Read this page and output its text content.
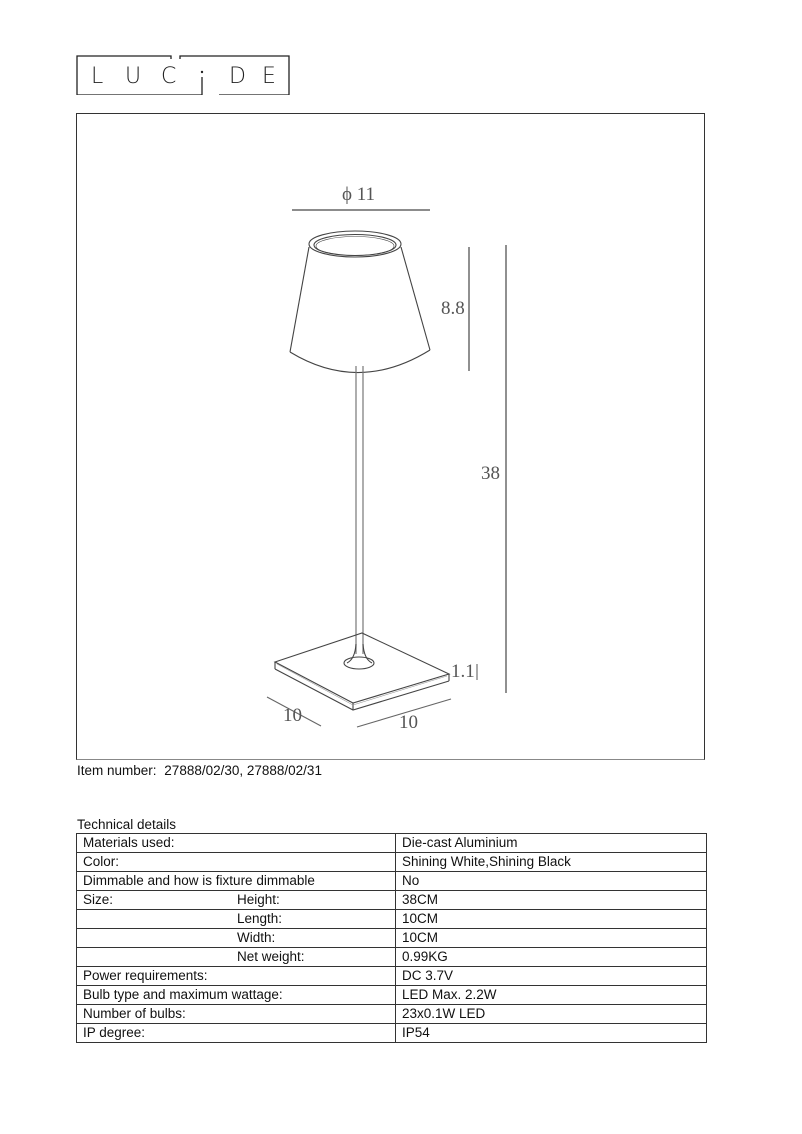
L U C D E
ϕ 11
8.8
38
1.1
10	10
Item number: 27888/02/30, 27888/02/31
Technical details
Materials used:	Die-cast Aluminium
Color:	Shining White,Shining Black
Dimmable and how is fixture dimmable	No

Size: Height:	38CM

Length:	10CM

Width:	10CM

Net weight:	0.99KG
Power requirements:	DC 3.7V
Bulb type and maximum wattage:	LED Max. 2.2W
Number of bulbs:	23x0.1W LED
IP degree:	IP54
